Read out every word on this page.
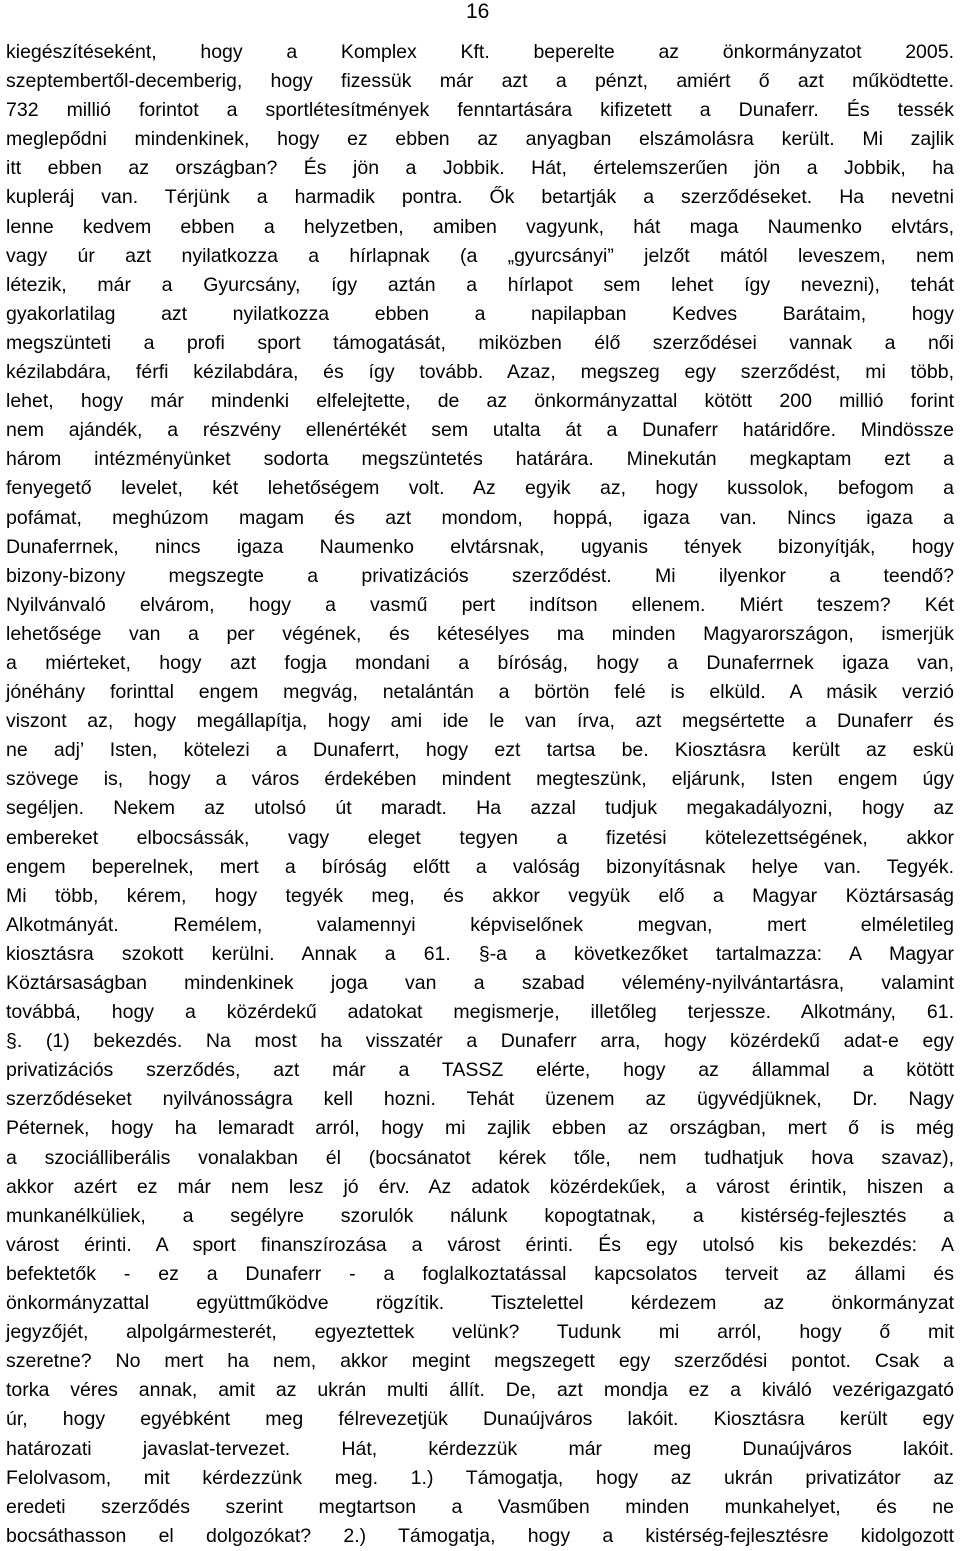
16
kiegészítéseként, hogy a Komplex Kft. beperelte az önkormányzatot 2005.
szeptembertől-decemberig, hogy fizessük már azt a pénzt, amiért ő azt működtette.
732 millió forintot a sportlétesítmények fenntartására kifizetett a Dunaferr. És tessék
meglepődni mindenkinek, hogy ez ebben az anyagban elszámolásra került. Mi zajlik
itt ebben az országban? És jön a Jobbik. Hát, értelemszerűen jön a Jobbik, ha
kupleráj van. Térjünk a harmadik pontra. Ők betartják a szerződéseket. Ha nevetni
lenne kedvem ebben a helyzetben, amiben vagyunk, hát maga Naumenko elvtárs,
vagy úr azt nyilatkozza a hírlapnak (a „gyurcsányi” jelzőt mától leveszem, nem
létezik, már a Gyurcsány, így aztán a hírlapot sem lehet így nevezni), tehát
gyakorlatilag azt nyilatkozza ebben a napilapban Kedves Barátaim, hogy
megszünteti a profi sport támogatását, miközben élő szerződései vannak a női
kézilabdára, férfi kézilabdára, és így tovább. Azaz, megszeg egy szerződést, mi több,
lehet, hogy már mindenki elfelejtette, de az önkormányzattal kötött 200 millió forint
nem ajándék, a részvény ellenértékét sem utalta át a Dunaferr határidőre. Mindössze
három intézményünket sodorta megszüntetés határára. Minekután megkaptam ezt a
fenyegető levelet, két lehetőségem volt. Az egyik az, hogy kussolok, befogom a
pofámat, meghúzom magam és azt mondom, hoppá, igaza van. Nincs igaza a
Dunaferrnek, nincs igaza Naumenko elvtársnak, ugyanis tények bizonyítják, hogy
bizony-bizony megszegte a privatizációs szerződést. Mi ilyenkor a teendő?
Nyilvánvaló elvárom, hogy a vasmű pert indítson ellenem. Miért teszem? Két
lehetősége van a per végének, és kétesélyes ma minden Magyarországon, ismerjük
a miérteket, hogy azt fogja mondani a bíróság, hogy a Dunaferrnek igaza van,
jónéhány forinttal engem megvág, netalántán a börtön felé is elküld. A másik verzió
viszont az, hogy megállapítja, hogy ami ide le van írva, azt megsértette a Dunaferr és
ne adj’ Isten, kötelezi a Dunaferrt, hogy ezt tartsa be. Kiosztásra került az eskü
szövege is, hogy a város érdekében mindent megteszünk, eljárunk, Isten engem úgy
segéljen. Nekem az utolsó út maradt. Ha azzal tudjuk megakadályozni, hogy az
embereket elbocsássák, vagy eleget tegyen a fizetési kötelezettségének, akkor
engem beperelnek, mert a bíróság előtt a valóság bizonyításnak helye van. Tegyék.
Mi több, kérem, hogy tegyék meg, és akkor vegyük elő a Magyar Köztársaság
Alkotmányát. Remélem, valamennyi képviselőnek megvan, mert elméletileg
kiosztásra szokott kerülni. Annak a 61. §-a a következőket tartalmazza: A Magyar
Köztársaságban mindenkinek joga van a szabad vélemény-nyilvántartásra, valamint
továbbá, hogy a közérdekű adatokat megismerje, illetőleg terjessze. Alkotmány, 61.
§. (1) bekezdés. Na most ha visszatér a Dunaferr arra, hogy közérdekű adat-e egy
privatizációs szerződés, azt már a TASSZ elérte, hogy az állammal a kötött
szerződéseket nyilvánosságra kell hozni. Tehát üzenem az ügyvédjüknek, Dr. Nagy
Péternek, hogy ha lemaradt arról, hogy mi zajlik ebben az országban, mert ő is még
a szociálliberális vonalakban él (bocsánatot kérek tőle, nem tudhatjuk hova szavaz),
akkor azért ez már nem lesz jó érv. Az adatok közérdekűek, a várost érintik, hiszen a
munkanélküliek, a segélyre szorulók nálunk kopogtatnak, a kistérség-fejlesztés a
várost érinti. A sport finanszírozása a várost érinti. És egy utolsó kis bekezdés: A
befektetők - ez a Dunaferr - a foglalkoztatással kapcsolatos terveit az állami és
önkormányzattal együttműködve rögzítik. Tisztelettel kérdezem az önkormányzat
jegyzőjét, alpolgármesterét, egyeztettek velünk? Tudunk mi arról, hogy ő mit
szeretne? No mert ha nem, akkor megint megszegett egy szerződési pontot. Csak a
torka véres annak, amit az ukrán multi állít. De, azt mondja ez a kiváló vezérigazgató
úr, hogy egyébként meg félrevezetjük Dunaújváros lakóit. Kiosztásra került egy
határozati javaslat-tervezet. Hát, kérdezzük már meg Dunaújváros lakóit.
Felolvasom, mit kérdezzünk meg. 1.) Támogatja, hogy az ukrán privatizátor az
eredeti szerződés szerint megtartson a Vasműben minden munkahelyet, és ne
bocsáthasson el dolgozókat? 2.) Támogatja, hogy a kistérség-fejlesztésre kidolgozott
